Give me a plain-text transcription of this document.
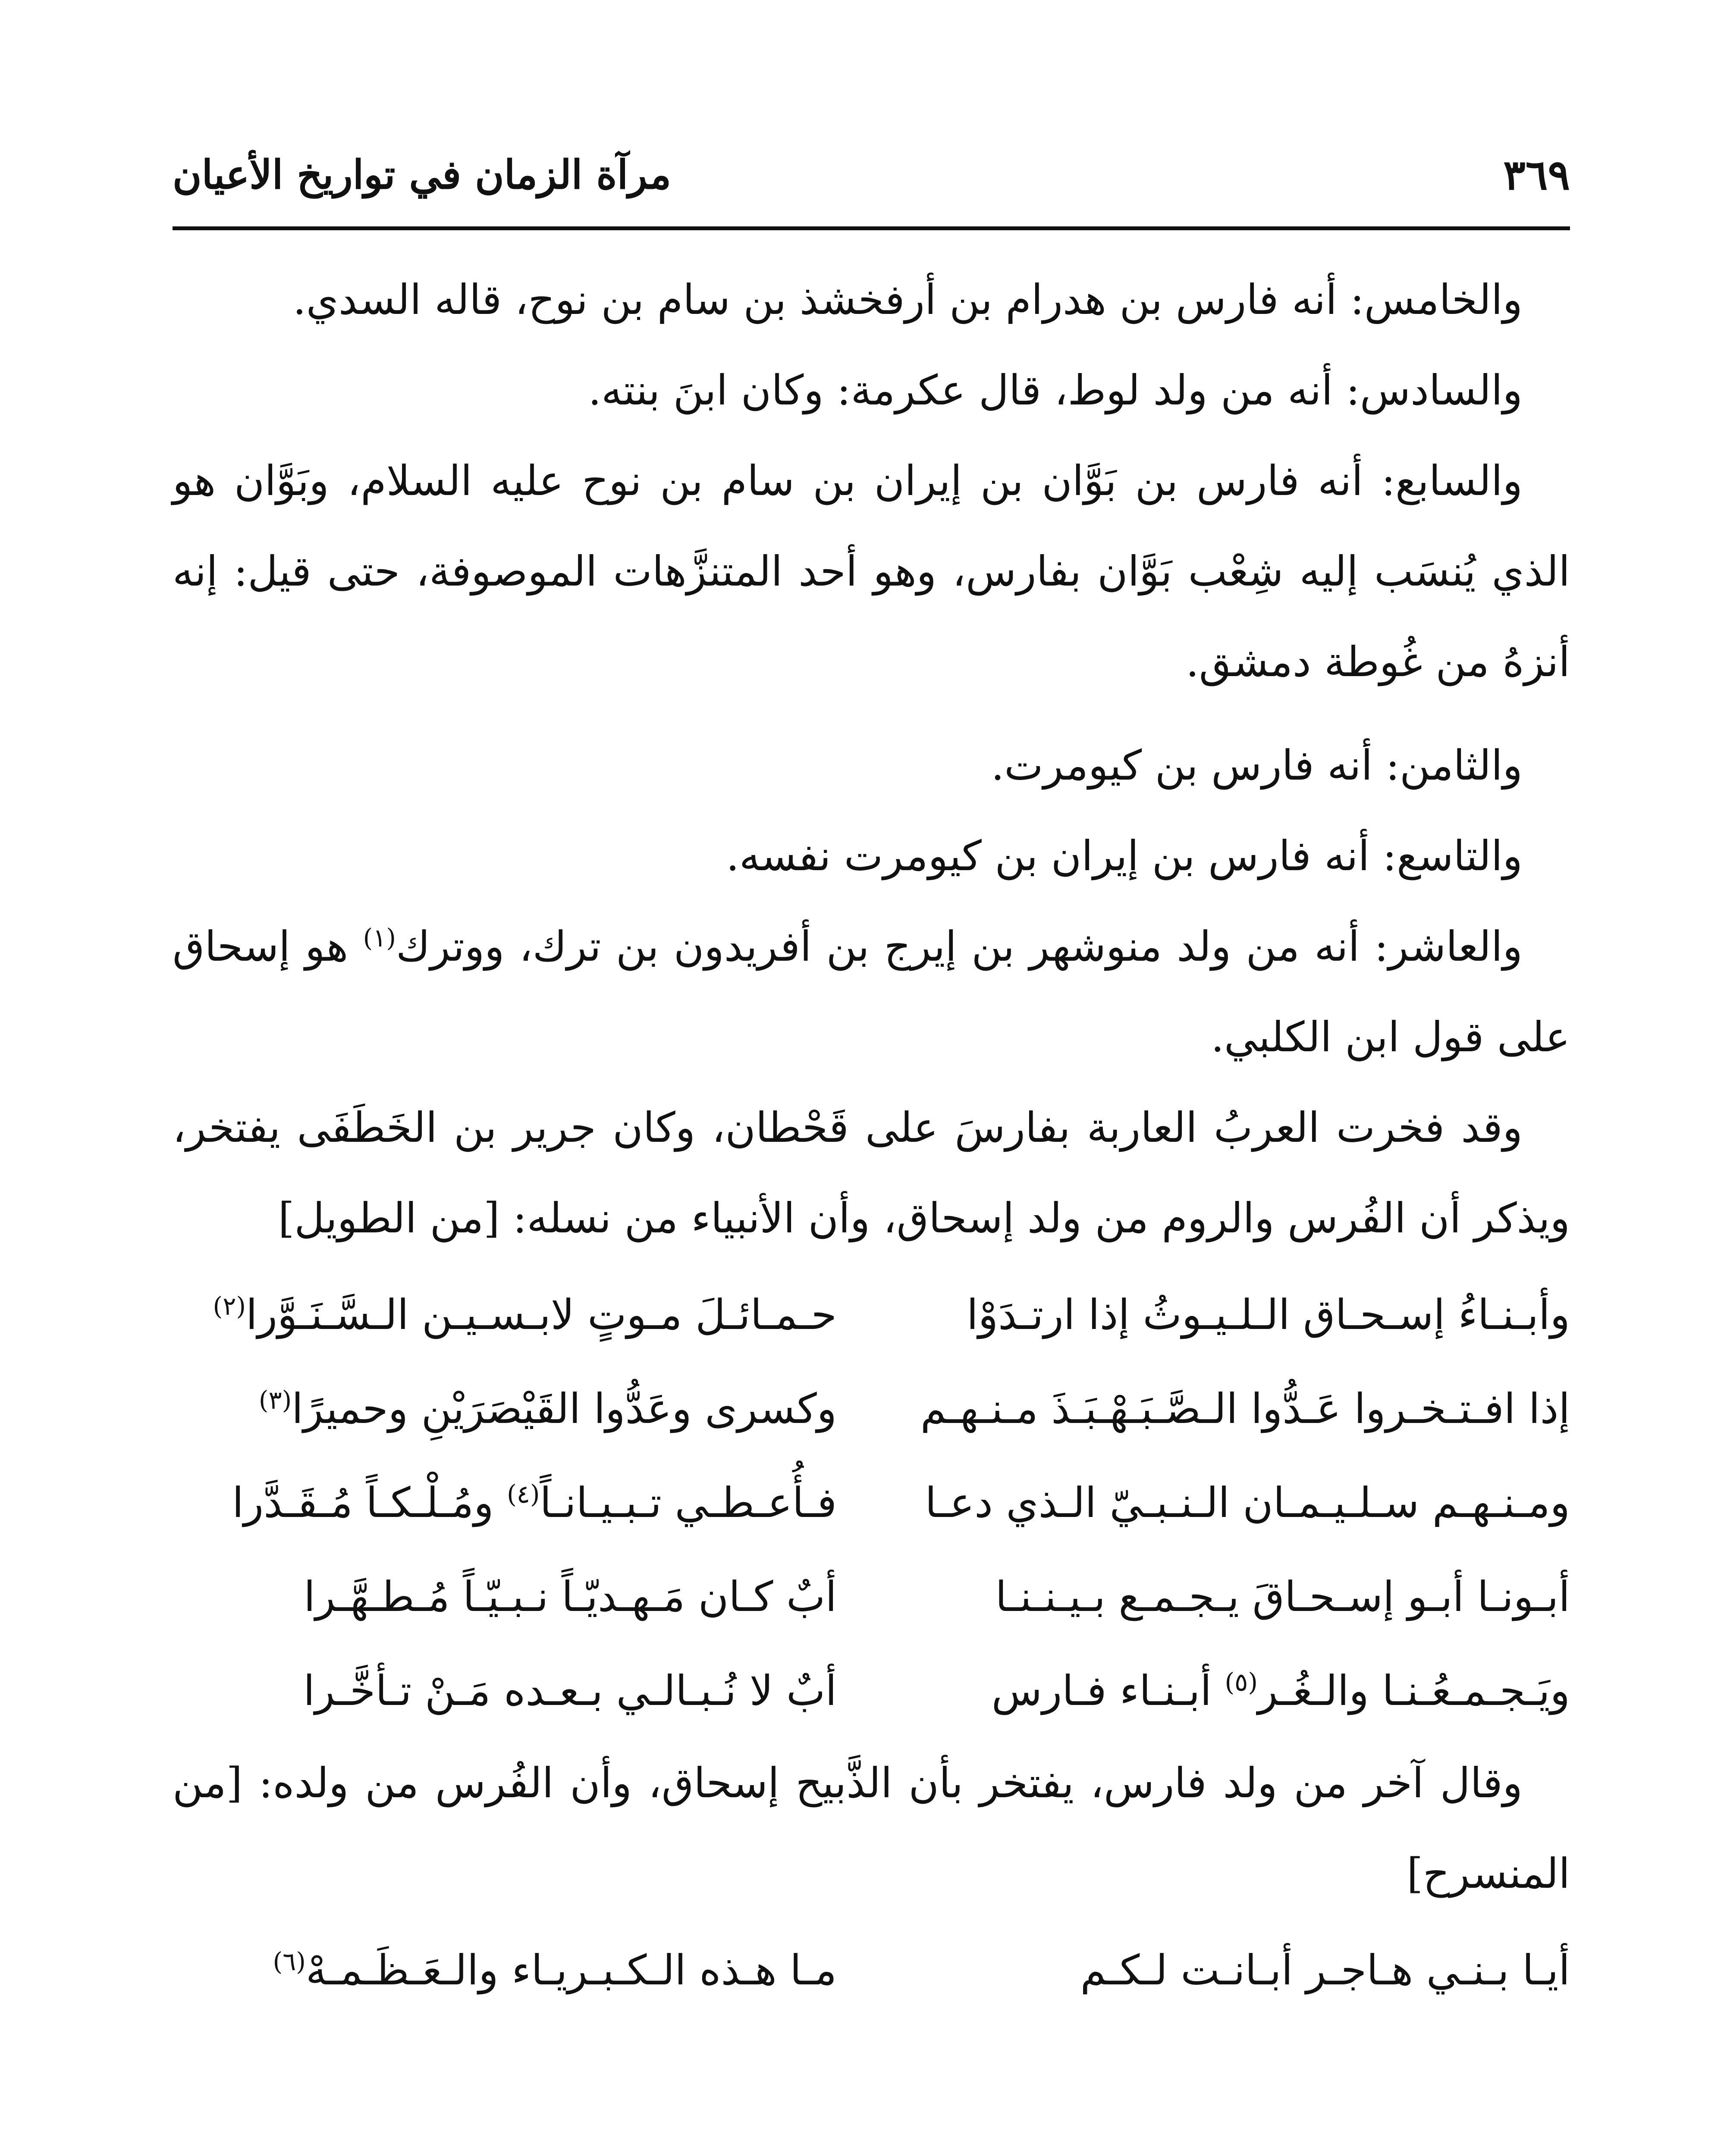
٣٦٩
مرآة الزمان في تواريخ الأعيان

والخامس: أنه فارس بن هدرام بن أرفخشذ بن سام بن نوح، قاله السدي.

والسادس: أنه من ولد لوط، قال عكرمة: وكان ابنَ بنته.

والسابع: أنه فارس بن بَوَّان بن إيران بن سام بن نوح عليه السلام، وبَوَّان هو الذي يُنسَب إليه شِعْب بَوَّان بفارس، وهو أحد المتنزَّهات الموصوفة، حتى قيل: إنه أنزهُ من غُوطة دمشق.

والثامن: أنه فارس بن كيومرت.

والتاسع: أنه فارس بن إيران بن كيومرت نفسه.

والعاشر: أنه من ولد منوشهر بن إيرج بن أفريدون بن ترك، ووترك$^{(١)}$ هو إسحاق على قول ابن الكلبي.

وقد فخرت العربُ العاربة بفارسَ على قَحْطان، وكان جرير بن الخَطَفَى يفتخر، ويذكر أن الفُرس والروم من ولد إسحاق، وأن الأنبياء من نسله: [من الطويل]

وأبـنـاءُ إسـحـاق الـلـيـوثُ إذا ارتـدَوْا
حـمـائـلَ مـوتٍ لابـسـيـن الـسَّـنَـوَّرا$^{(٢)}$
إذا افـتـخـروا عَـدُّوا الـصَّـبَـهْـبَـذَ مـنـهـم
وكسرى وعَدُّوا القَيْصَرَيْنِ وحميرًا$^{(٣)}$
ومـنـهـم سـلـيـمـان الـنـبـيّ الـذي دعـا
فـأُعـطـي تـبـيـانـاً$^{(٤)}$ ومُـلْـكـاً مُـقَـدَّرا
أبـونـا أبـو إسـحـاقَ يـجـمـع بـيـنـنـا
أبٌ كـان مَـهـديّـاً نـبـيّـاً مُـطـهَّـرا
ويَـجـمـعُـنـا والـغُـر$^{(٥)}$ أبـنـاء فـارس
أبٌ لا نُـبـالـي بـعـده مَـنْ تـأخَّـرا

وقال آخر من ولد فارس، يفتخر بأن الذَّبيح إسحاق، وأن الفُرس من ولده: [من المنسرح]

أيـا بـنـي هـاجـر أبـانـت لـكـم
مـا هـذه الـكـبـريـاء والـعَـظَـمـهْ$^{(٦)}$
